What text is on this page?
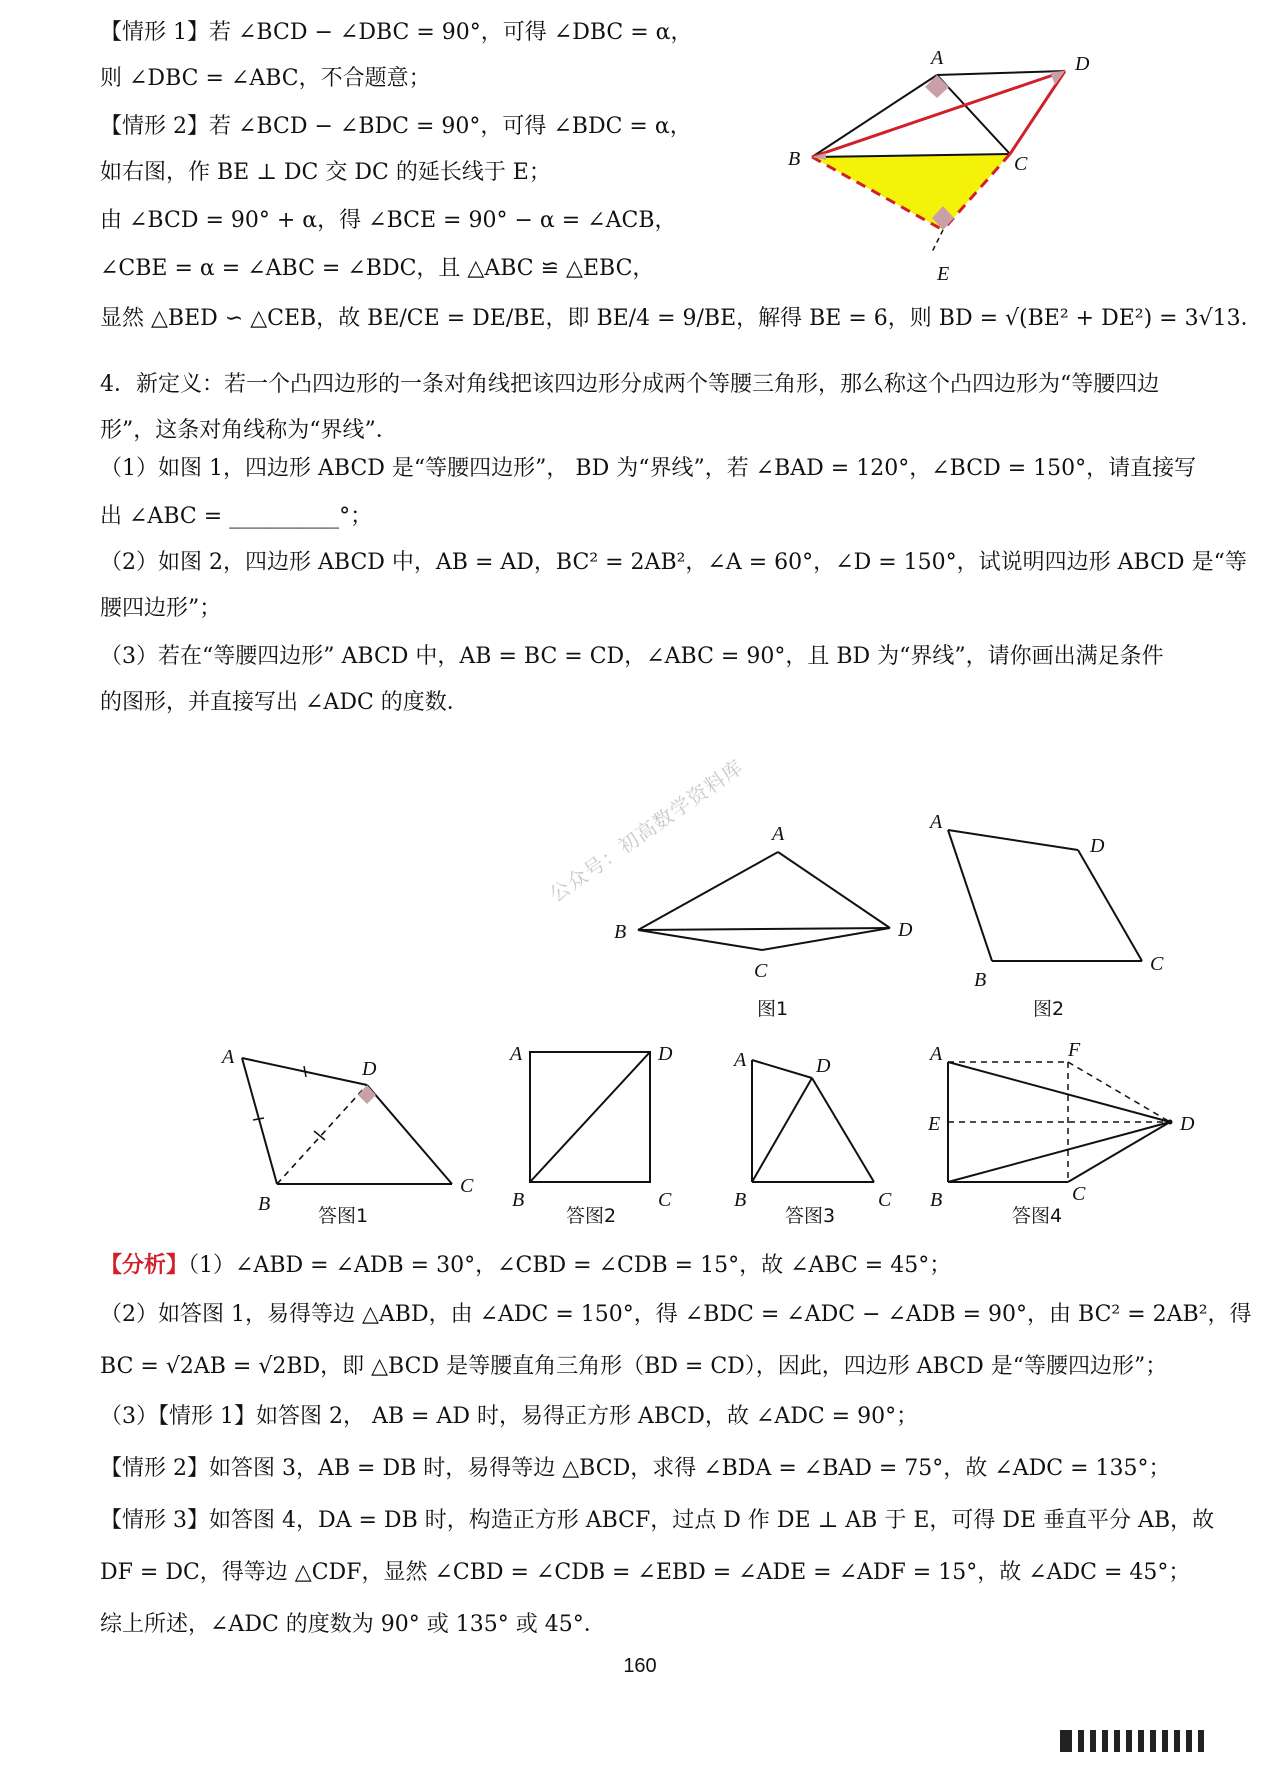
【情形 1】若 ∠BCD − ∠DBC = 90°，可得 ∠DBC = α，
则 ∠DBC = ∠ABC，不合题意；
【情形 2】若 ∠BCD − ∠BDC = 90°，可得 ∠BDC = α，
如右图，作 BE ⊥ DC 交 DC 的延长线于 E；
由 ∠BCD = 90° + α，得 ∠BCE = 90° − α = ∠ACB，
∠CBE = α = ∠ABC = ∠BDC，且 △ABC ≌ △EBC，
显然 △BED ∽ △CEB，故 BE/CE = DE/BE，即 BE/4 = 9/BE，解得 BE = 6，则 BD = √(BE² + DE²) = 3√13．
4．新定义：若一个凸四边形的一条对角线把该四边形分成两个等腰三角形，那么称这个凸四边形为“等腰四边形”，这条对角线称为“界线”．
（1）如图 1，四边形 ABCD 是“等腰四边形”， BD 为“界线”，若 ∠BAD = 120°，∠BCD = 150°，请直接写
出 ∠ABC = __________°；
（2）如图 2，四边形 ABCD 中，AB = AD，BC² = 2AB²，∠A = 60°，∠D = 150°，试说明四边形 ABCD 是“等
腰四边形”；
（3）若在“等腰四边形” ABCD 中，AB = BC = CD，∠ABC = 90°，且 BD 为“界线”，请你画出满足条件
的图形，并直接写出 ∠ADC 的度数．
A	D
B	C
E
A
B
C
D
图1
A
D
B
C
图2
A
D
B
C
答图1
A	D
B	C
答图2
A	D
B	C
答图3
A	F
E	D
B	C
答图4
【分析】（1）∠ABD = ∠ADB = 30°，∠CBD = ∠CDB = 15°，故 ∠ABC = 45°；
（2）如答图 1，易得等边 △ABD，由 ∠ADC = 150°，得 ∠BDC = ∠ADC − ∠ADB = 90°，由 BC² = 2AB²，得
BC = √2AB = √2BD，即 △BCD 是等腰直角三角形（BD = CD），因此，四边形 ABCD 是“等腰四边形”；
（3）【情形 1】如答图 2， AB = AD 时，易得正方形 ABCD，故 ∠ADC = 90°；
【情形 2】如答图 3，AB = DB 时，易得等边 △BCD，求得 ∠BDA = ∠BAD = 75°，故 ∠ADC = 135°；
【情形 3】如答图 4，DA = DB 时，构造正方形 ABCF，过点 D 作 DE ⊥ AB 于 E，可得 DE 垂直平分 AB，故
DF = DC，得等边 △CDF，显然 ∠CBD = ∠CDB = ∠EBD = ∠ADE = ∠ADF = 15°，故 ∠ADC = 45°；
综上所述，∠ADC 的度数为 90° 或 135° 或 45°．
公众号：初高数学资料库
160
